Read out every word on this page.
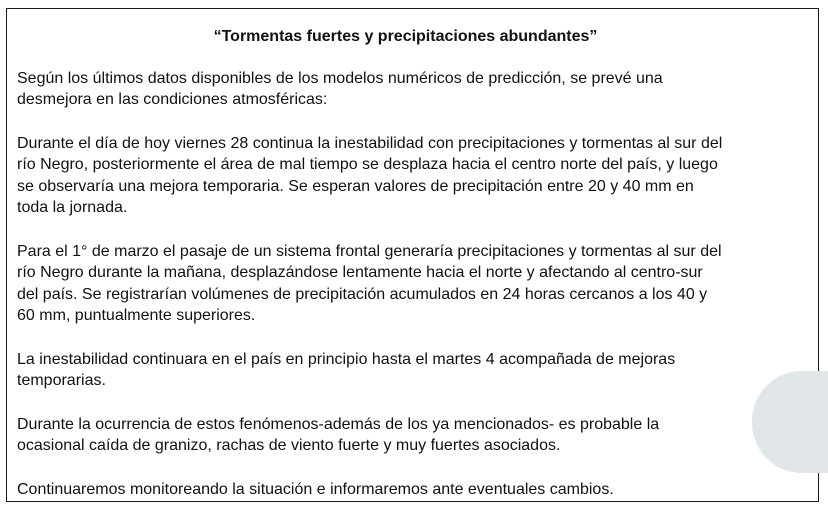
“Tormentas fuertes y precipitaciones abundantes”

Según los últimos datos disponibles de los modelos numéricos de predicción, se prevé una
desmejora en las condiciones atmosféricas:

Durante el día de hoy viernes 28 continua la inestabilidad con precipitaciones y tormentas al sur del
río Negro, posteriormente el área de mal tiempo se desplaza hacia el centro norte del país, y luego
se observaría una mejora temporaria. Se esperan valores de precipitación entre 20 y 40 mm en
toda la jornada.

Para el 1° de marzo el pasaje de un sistema frontal generaría precipitaciones y tormentas al sur del
río Negro durante la mañana, desplazándose lentamente hacia el norte y afectando al centro-sur
del país. Se registrarían volúmenes de precipitación acumulados en 24 horas cercanos a los 40 y
60 mm, puntualmente superiores.

La inestabilidad continuara en el país en principio hasta el martes 4 acompañada de mejoras
temporarias.

Durante la ocurrencia de estos fenómenos-además de los ya mencionados- es probable la
ocasional caída de granizo, rachas de viento fuerte y muy fuertes asociados.

Continuaremos monitoreando la situación e informaremos ante eventuales cambios.
